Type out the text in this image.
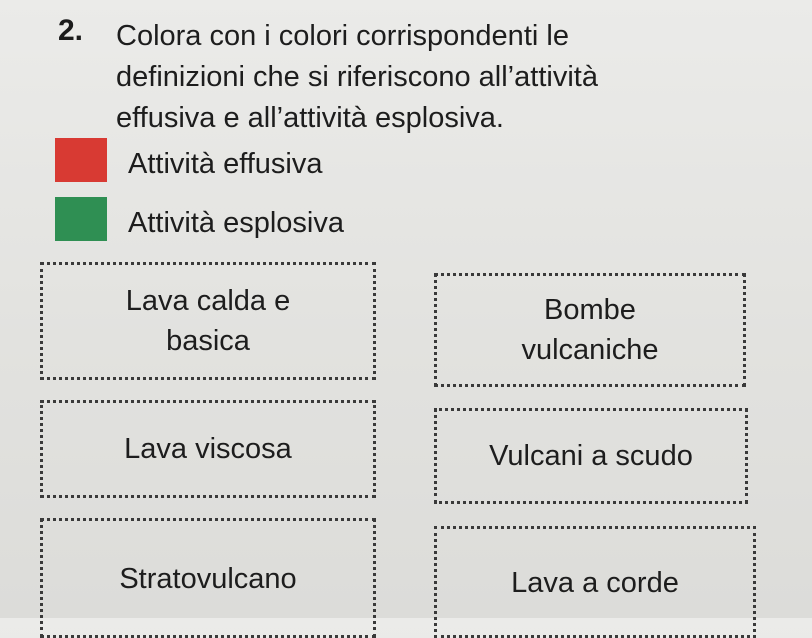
2. Colora con i colori corrispondenti le
definizioni che si riferiscono all’attività
effusiva e all’attività esplosiva.
Attività effusiva
Attività esplosiva
Lava calda e
basica
Bombe
vulcaniche
Lava viscosa	Vulcani a scudo
Stratovulcano	Lava a corde
